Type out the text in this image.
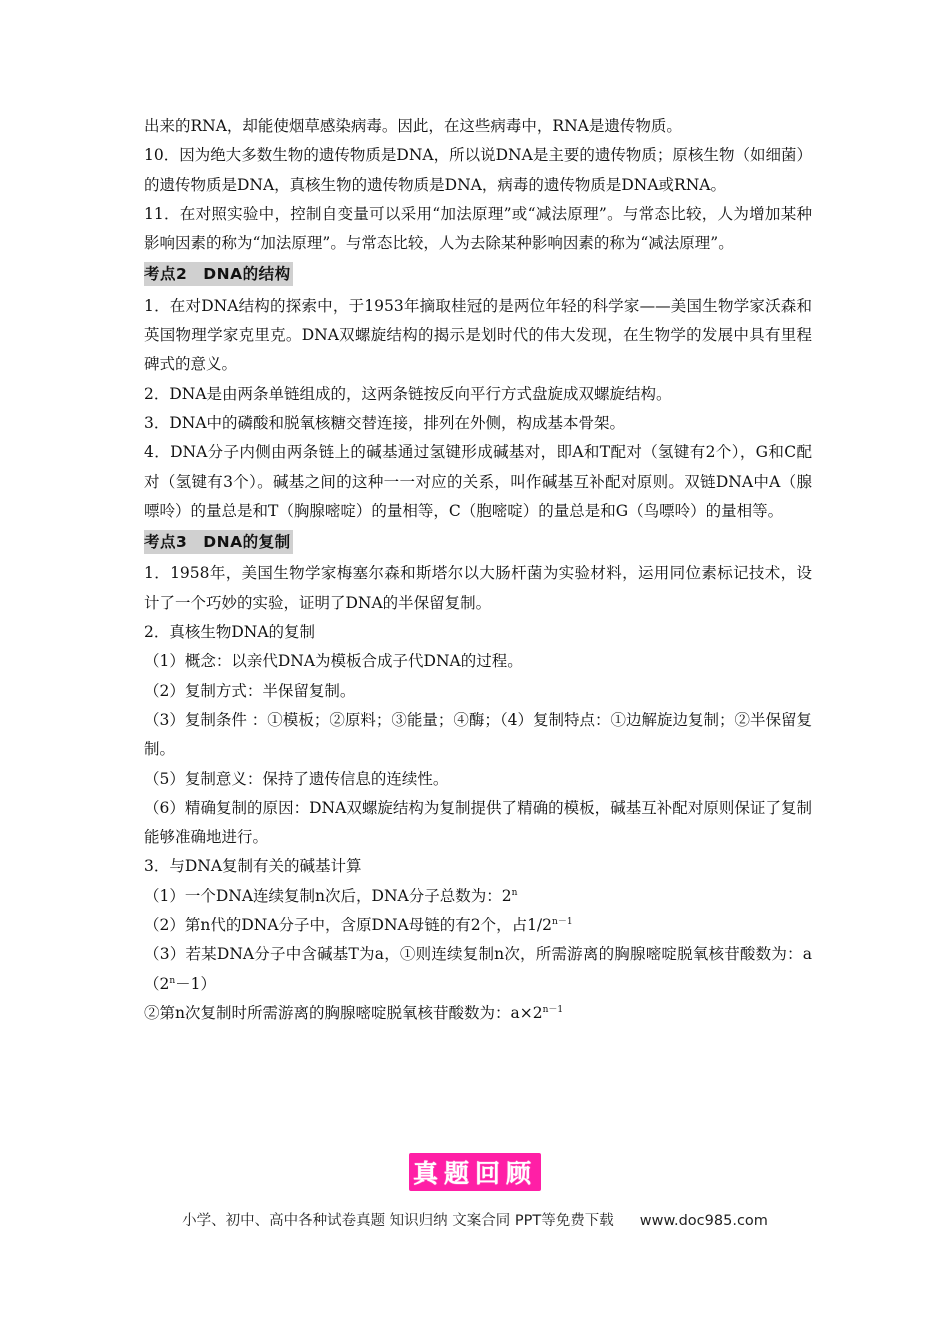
出来的RNA，却能使烟草感染病毒。因此，在这些病毒中，RNA是遗传物质。

10．因为绝大多数生物的遗传物质是DNA，所以说DNA是主要的遗传物质；原核生物（如细菌）的遗传物质是DNA，真核生物的遗传物质是DNA，病毒的遗传物质是DNA或RNA。

11．在对照实验中，控制自变量可以采用“加法原理”或“减法原理”。与常态比较，人为增加某种影响因素的称为“加法原理”。与常态比较，人为去除某种影响因素的称为“减法原理”。

考点2　DNA的结构

1．在对DNA结构的探索中，于1953年摘取桂冠的是两位年轻的科学家——美国生物学家沃森和英国物理学家克里克。DNA双螺旋结构的揭示是划时代的伟大发现，在生物学的发展中具有里程碑式的意义。

2．DNA是由两条单链组成的，这两条链按反向平行方式盘旋成双螺旋结构。

3．DNA中的磷酸和脱氧核糖交替连接，排列在外侧，构成基本骨架。

4．DNA分子内侧由两条链上的碱基通过氢键形成碱基对，即A和T配对（氢键有2个），G和C配对（氢键有3个）。碱基之间的这种一一对应的关系，叫作碱基互补配对原则。双链DNA中A（腺嘌呤）的量总是和T（胸腺嘧啶）的量相等，C（胞嘧啶）的量总是和G（鸟嘌呤）的量相等。

考点3　DNA的复制

1．1958年，美国生物学家梅塞尔森和斯塔尔以大肠杆菌为实验材料，运用同位素标记技术，设计了一个巧妙的实验，证明了DNA的半保留复制。

2．真核生物DNA的复制

（1）概念：以亲代DNA为模板合成子代DNA的过程。

（2）复制方式：半保留复制。

（3）复制条件 ：①模板；②原料；③能量；④酶；（4）复制特点：①边解旋边复制；②半保留复制。

（5）复制意义：保持了遗传信息的连续性。

（6）精确复制的原因：DNA双螺旋结构为复制提供了精确的模板，碱基互补配对原则保证了复制能够准确地进行。

3．与DNA复制有关的碱基计算

（1）一个DNA连续复制n次后，DNA分子总数为：2$^n$

（2）第n代的DNA分子中，含原DNA母链的有2个，占$1/2^{n-1}$

（3）若某DNA分子中含碱基T为a，①则连续复制n次，所需游离的胸腺嘧啶脱氧核苷酸数为：$a(2^n-1)$

②第n次复制时所需游离的胸腺嘧啶脱氧核苷酸数为：$a\times 2^{n-1}$

真题回顾
小学、初中、高中各种试卷真题 知识归纳 文案合同 PPT等免费下载 www.doc985.com
